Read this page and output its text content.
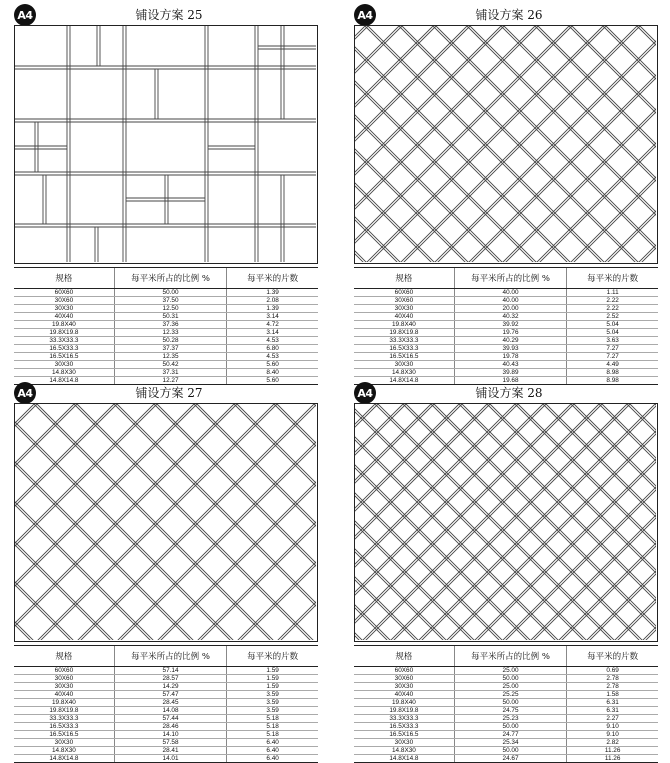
A4	铺设方案 25
规格	每平米所占的比例 %	每平米的片数
60X60	50.00	1.39
30X60	37.50	2.08
30X30	12.50	1.39
40X40	50.31	3.14
19.8X40	37.36	4.72
19.8X19.8	12.33	3.14
33.3X33.3	50.28	4.53
16.5X33.3	37.37	6.80
16.5X16.5	12.35	4.53
30X30	50.42	5.60
14.8X30	37.31	8.40
14.8X14.8	12.27	5.60
A4	铺设方案 26
规格	每平米所占的比例 %	每平米的片数
60X60	40.00	1.11
30X60	40.00	2.22
30X30	20.00	2.22
40X40	40.32	2.52
19.8X40	39.92	5.04
19.8X19.8	19.76	5.04
33.3X33.3	40.29	3.63
16.5X33.3	39.93	7.27
16.5X16.5	19.78	7.27
30X30	40.43	4.49
14.8X30	39.89	8.98
14.8X14.8	19.68	8.98
A4	铺设方案 27
规格	每平米所占的比例 %	每平米的片数
60X60	57.14	1.59
30X60	28.57	1.59
30X30	14.29	1.59
40X40	57.47	3.59
19.8X40	28.45	3.59
19.8X19.8	14.08	3.59
33.3X33.3	57.44	5.18
16.5X33.3	28.46	5.18
16.5X16.5	14.10	5.18
30X30	57.58	6.40
14.8X30	28.41	6.40
14.8X14.8	14.01	6.40
A4	铺设方案 28
规格	每平米所占的比例 %	每平米的片数
60X60	25.00	0.69
30X60	50.00	2.78
30X30	25.00	2.78
40X40	25.25	1.58
19.8X40	50.00	6.31
19.8X19.8	24.75	6.31
33.3X33.3	25.23	2.27
16.5X33.3	50.00	9.10
16.5X16.5	24.77	9.10
30X30	25.34	2.82
14.8X30	50.00	11.26
14.8X14.8	24.67	11.26
